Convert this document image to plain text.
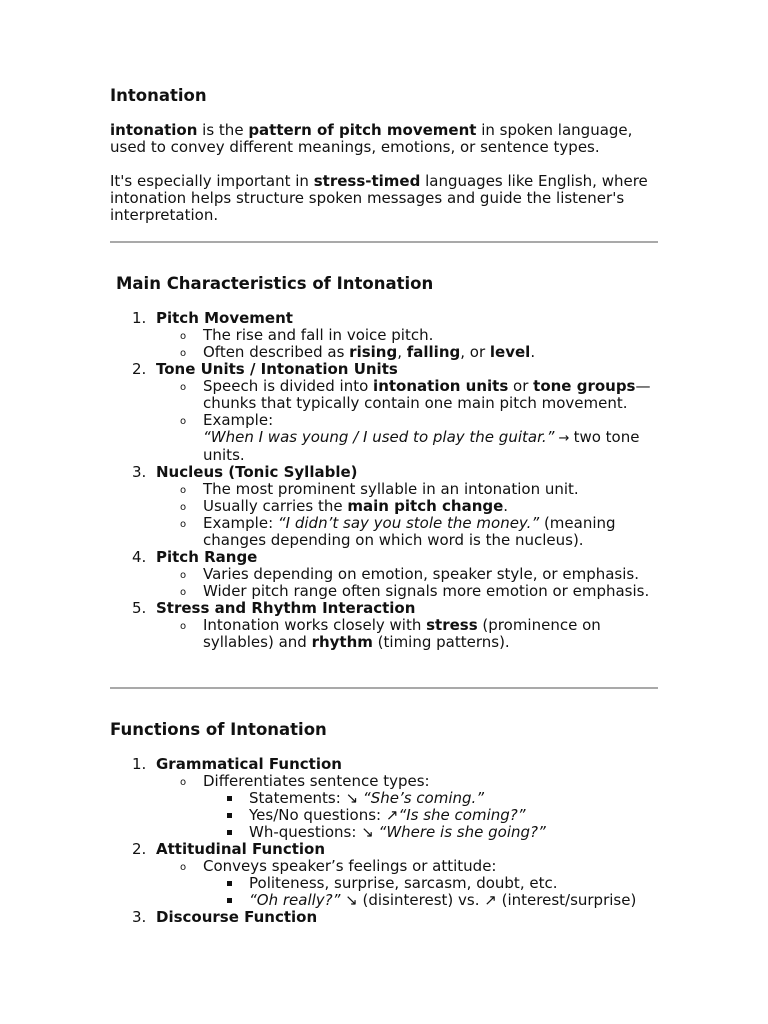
Intonation

intonation is the pattern of pitch movement in spoken language, used to convey different meanings, emotions, or sentence types.

It's especially important in stress-timed languages like English, where intonation helps structure spoken messages and guide the listener's interpretation.

Main Characteristics of Intonation
1. Pitch Movement
o The rise and fall in voice pitch.
o Often described as rising, falling, or level.
2. Tone Units / Intonation Units
o Speech is divided into intonation units or tone groups—chunks that typically contain one main pitch movement.
o Example:
“When I was young / I used to play the guitar.” → two tone units.
3. Nucleus (Tonic Syllable)
o The most prominent syllable in an intonation unit.
o Usually carries the main pitch change.
o Example: “I didn’t say you stole the money.” (meaning changes depending on which word is the nucleus).
4. Pitch Range
o Varies depending on emotion, speaker style, or emphasis.
o Wider pitch range often signals more emotion or emphasis.
5. Stress and Rhythm Interaction
o Intonation works closely with stress (prominence on syllables) and rhythm (timing patterns).
Functions of Intonation
1. Grammatical Function
o Differentiates sentence types:
Statements: ↘ “She’s coming.”
Yes/No questions: ↗“Is she coming?”
Wh-questions: ↘ “Where is she going?”
2. Attitudinal Function
o Conveys speaker’s feelings or attitude:
Politeness, surprise, sarcasm, doubt, etc.
“Oh really?” ↘ (disinterest) vs. ↗ (interest/surprise)
3. Discourse Function
